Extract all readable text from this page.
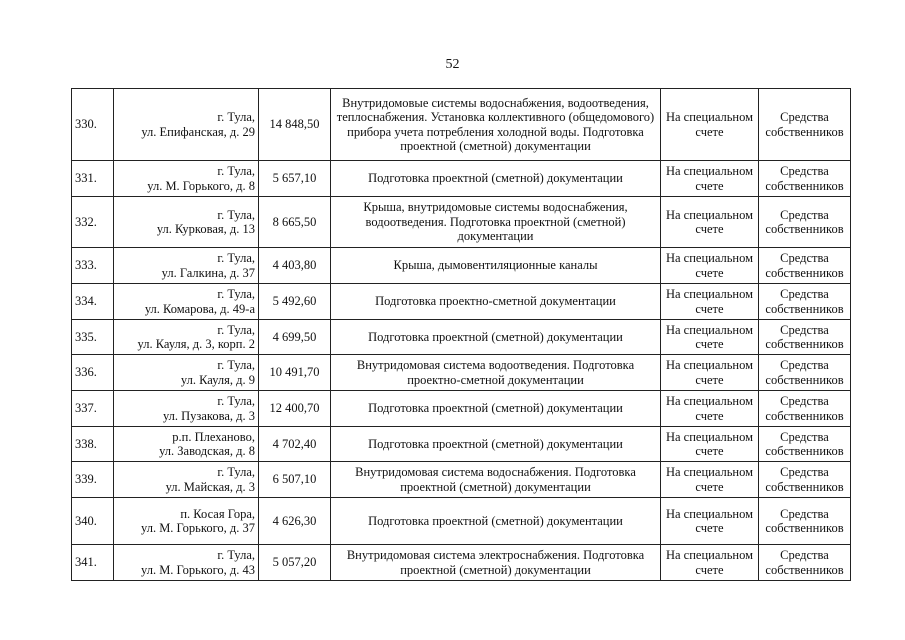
52
330.	г. Тула,
ул. Епифанская, д. 29	14 848,50	Внутридомовые системы водоснабжения, водоотведения, теплоснабжения. Установка коллективного (общедомового) прибора учета потребления холодной воды. Подготовка проектной (сметной) документации	На специальном счете	Средства собственников
331.	г. Тула,
ул. М. Горького, д. 8	5 657,10	Подготовка проектной (сметной) документации	На специальном счете	Средства собственников
332.	г. Тула,
ул. Курковая, д. 13	8 665,50	Крыша, внутридомовые системы водоснабжения, водоотведения. Подготовка проектной (сметной) документации	На специальном счете	Средства собственников
333.	г. Тула,
ул. Галкина, д. 37	4 403,80	Крыша, дымовентиляционные каналы	На специальном счете	Средства собственников
334.	г. Тула,
ул. Комарова, д. 49-а	5 492,60	Подготовка проектно-сметной документации	На специальном счете	Средства собственников
335.	г. Тула,
ул. Кауля, д. 3, корп. 2	4 699,50	Подготовка проектной (сметной) документации	На специальном счете	Средства собственников
336.	г. Тула,
ул. Кауля, д. 9	10 491,70	Внутридомовая система водоотведения. Подготовка проектно-сметной документации	На специальном счете	Средства собственников
337.	г. Тула,
ул. Пузакова, д. 3	12 400,70	Подготовка проектной (сметной) документации	На специальном счете	Средства собственников
338.	р.п. Плеханово,
ул. Заводская, д. 8	4 702,40	Подготовка проектной (сметной) документации	На специальном счете	Средства собственников
339.	г. Тула,
ул. Майская, д. 3	6 507,10	Внутридомовая система водоснабжения. Подготовка проектной (сметной) документации	На специальном счете	Средства собственников
340.	п. Косая Гора,
ул. М. Горького, д. 37	4 626,30	Подготовка проектной (сметной) документации	На специальном счете	Средства собственников
341.	г. Тула,
ул. М. Горького, д. 43	5 057,20	Внутридомовая система электроснабжения. Подготовка проектной (сметной) документации	На специальном счете	Средства собственников
